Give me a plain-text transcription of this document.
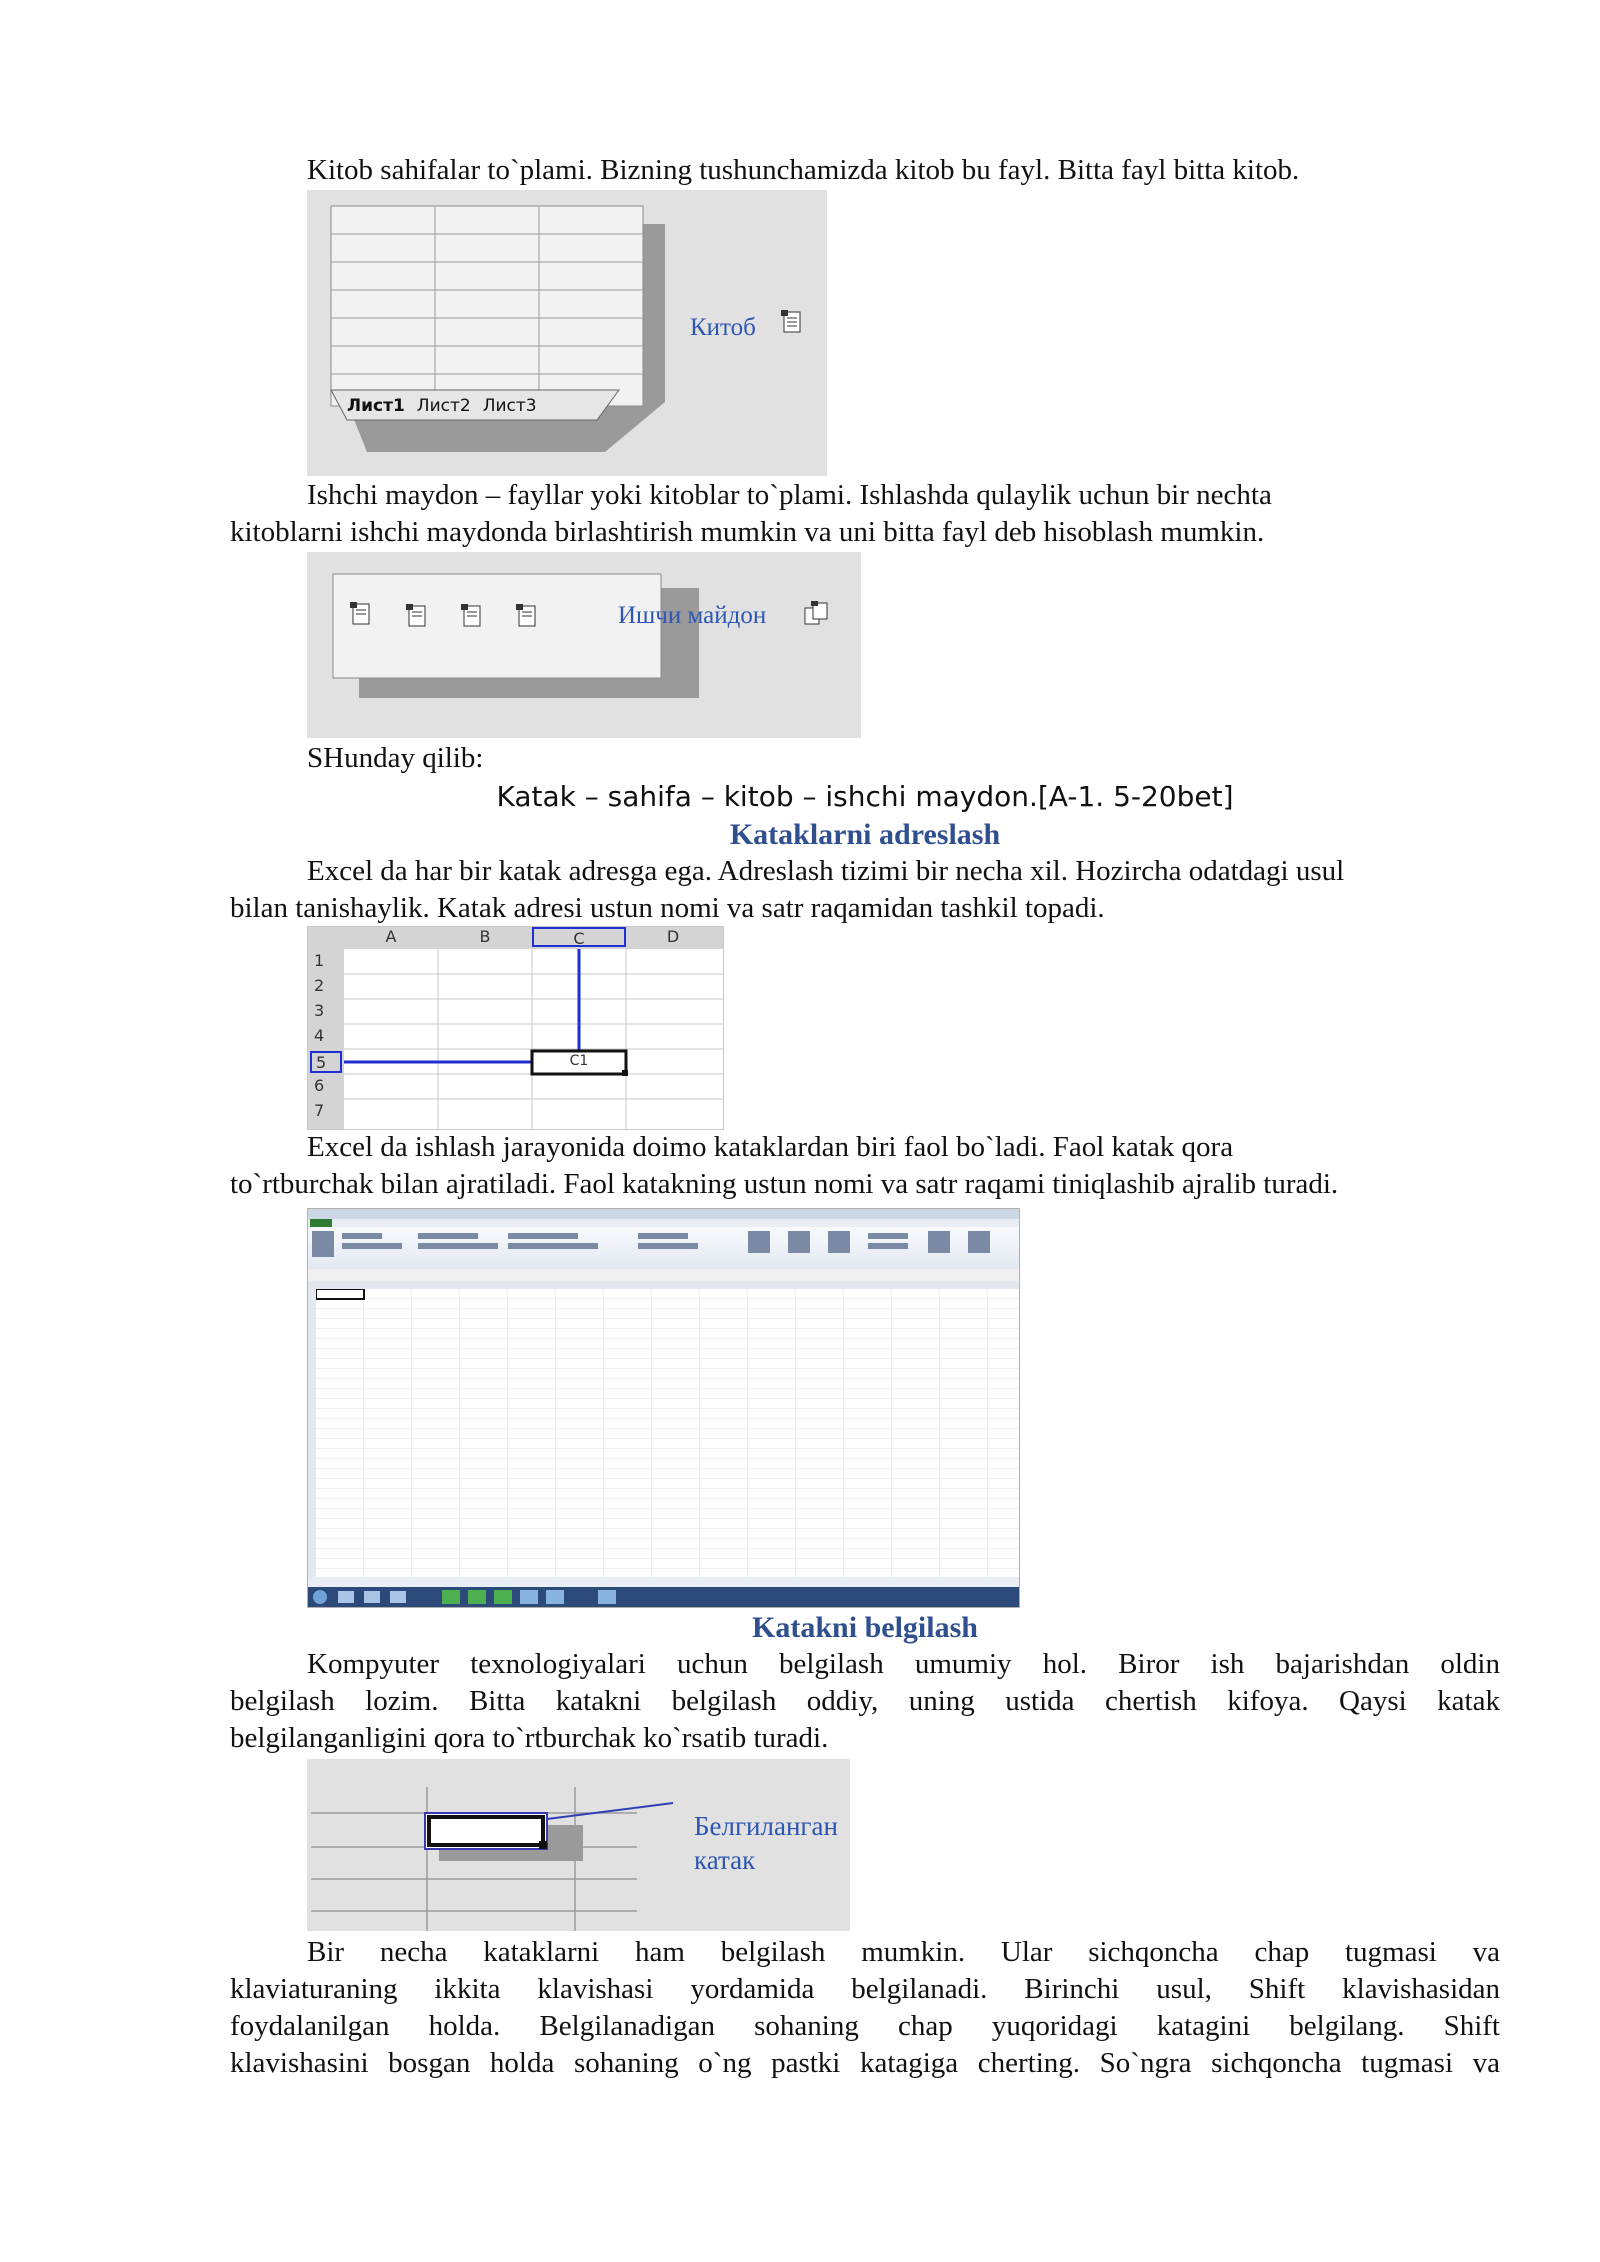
Kitob sahifalar to`plami. Bizning tushunchamizda kitob bu fayl. Bitta fayl bitta kitob.
Лист1 Лист2 Лист3
Китоб
Ishchi maydon – fayllar yoki kitoblar to`plami. Ishlashda qulaylik uchun bir nechta
kitoblarni ishchi maydonda birlashtirish mumkin va uni bitta fayl deb hisoblash mumkin.
Ишчи майдон
SHunday qilib:
Katak – sahifa – kitob – ishchi maydon.[A-1. 5-20bet]
Kataklarni adreslash
Excel da har bir katak adresga ega. Adreslash tizimi bir necha xil. Hozircha odatdagi usul
bilan tanishaylik. Katak adresi ustun nomi va satr raqamidan tashkil topadi.
A	B	C	D
1
2
3
4
5
6
7
C1
Excel da ishlash jarayonida doimo kataklardan biri faol bo`ladi. Faol katak qora
to`rtburchak bilan ajratiladi. Faol katakning ustun nomi va satr raqami tiniqlashib ajralib turadi.
Katakni belgilash
Kompyuter texnologiyalari uchun belgilash umumiy hol. Biror ish bajarishdan oldin
belgilash lozim. Bitta katakni belgilash oddiy, uning ustida chertish kifoya. Qaysi katak
belgilanganligini qora to`rtburchak ko`rsatib turadi.
Белгиланган
катак
Bir necha kataklarni ham belgilash mumkin. Ular sichqoncha chap tugmasi va
klaviaturaning ikkita klavishasi yordamida belgilanadi. Birinchi usul, Shift klavishasidan
foydalanilgan holda. Belgilanadigan sohaning chap yuqoridagi katagini belgilang. Shift
klavishasini bosgan holda sohaning o`ng pastki katagiga cherting. So`ngra sichqoncha tugmasi va
